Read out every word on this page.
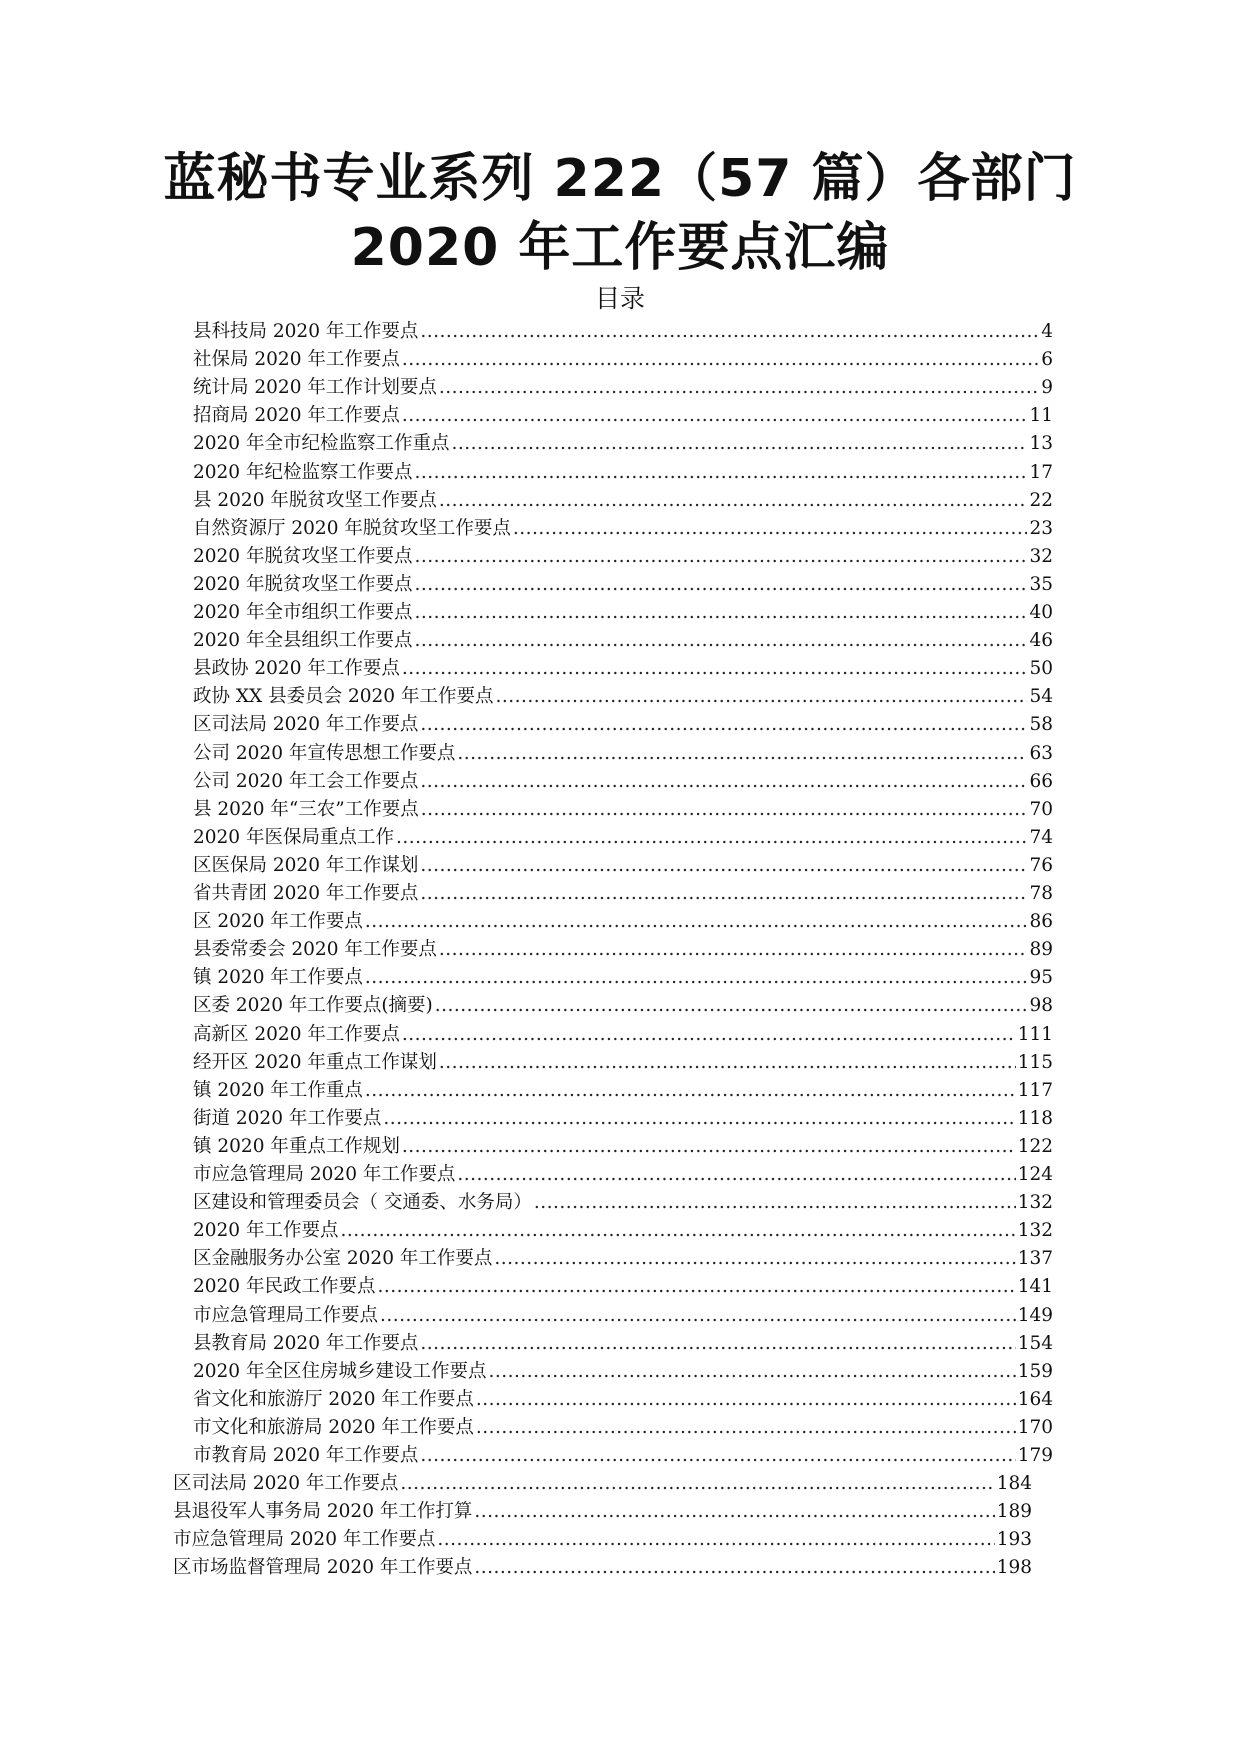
蓝秘书专业系列 222（57 篇）各部门
2020 年工作要点汇编
目录
县科技局 2020 年工作要点 .....	4
社保局 2020 年工作要点 .....	6
统计局 2020 年工作计划要点 .....	9
招商局 2020 年工作要点 .....	11
2020 年全市纪检监察工作重点 .....	13
2020 年纪检监察工作要点 .....	17
县 2020 年脱贫攻坚工作要点 .....	22
自然资源厅 2020 年脱贫攻坚工作要点 .....	23
2020 年脱贫攻坚工作要点 .....	32
2020 年脱贫攻坚工作要点 .....	35
2020 年全市组织工作要点 .....	40
2020 年全县组织工作要点 .....	46
县政协 2020 年工作要点 .....	50
政协 XX 县委员会 2020 年工作要点 .....	54
区司法局 2020 年工作要点 .....	58
公司 2020 年宣传思想工作要点 .....	63
公司 2020 年工会工作要点 .....	66
县 2020 年“三农”工作要点 .....	70
2020 年医保局重点工作 .....	74
区医保局 2020 年工作谋划 .....	76
省共青团 2020 年工作要点 .....	78
区 2020 年工作要点 .....	86
县委常委会 2020 年工作要点 .....	89
镇 2020 年工作要点 .....	95
区委 2020 年工作要点(摘要) .....	98
高新区 2020 年工作要点 .....	111
经开区 2020 年重点工作谋划 .....	115
镇 2020 年工作重点 .....	117
街道 2020 年工作要点 .....	118
镇 2020 年重点工作规划 .....	122
市应急管理局 2020 年工作要点 .....	124
区建设和管理委员会（ 交通委、水务局） .....	132
2020 年工作要点 .....	132
区金融服务办公室 2020 年工作要点 .....	137
2020 年民政工作要点 .....	141
市应急管理局工作要点 .....	149
县教育局 2020 年工作要点 .....	154
2020 年全区住房城乡建设工作要点 .....	159
省文化和旅游厅 2020 年工作要点 .....	164
市文化和旅游局 2020 年工作要点 .....	170
市教育局 2020 年工作要点 .....	179
区司法局 2020 年工作要点 .....	184
县退役军人事务局 2020 年工作打算 .....	189
市应急管理局 2020 年工作要点 .....	193
区市场监督管理局 2020 年工作要点 .....	198
